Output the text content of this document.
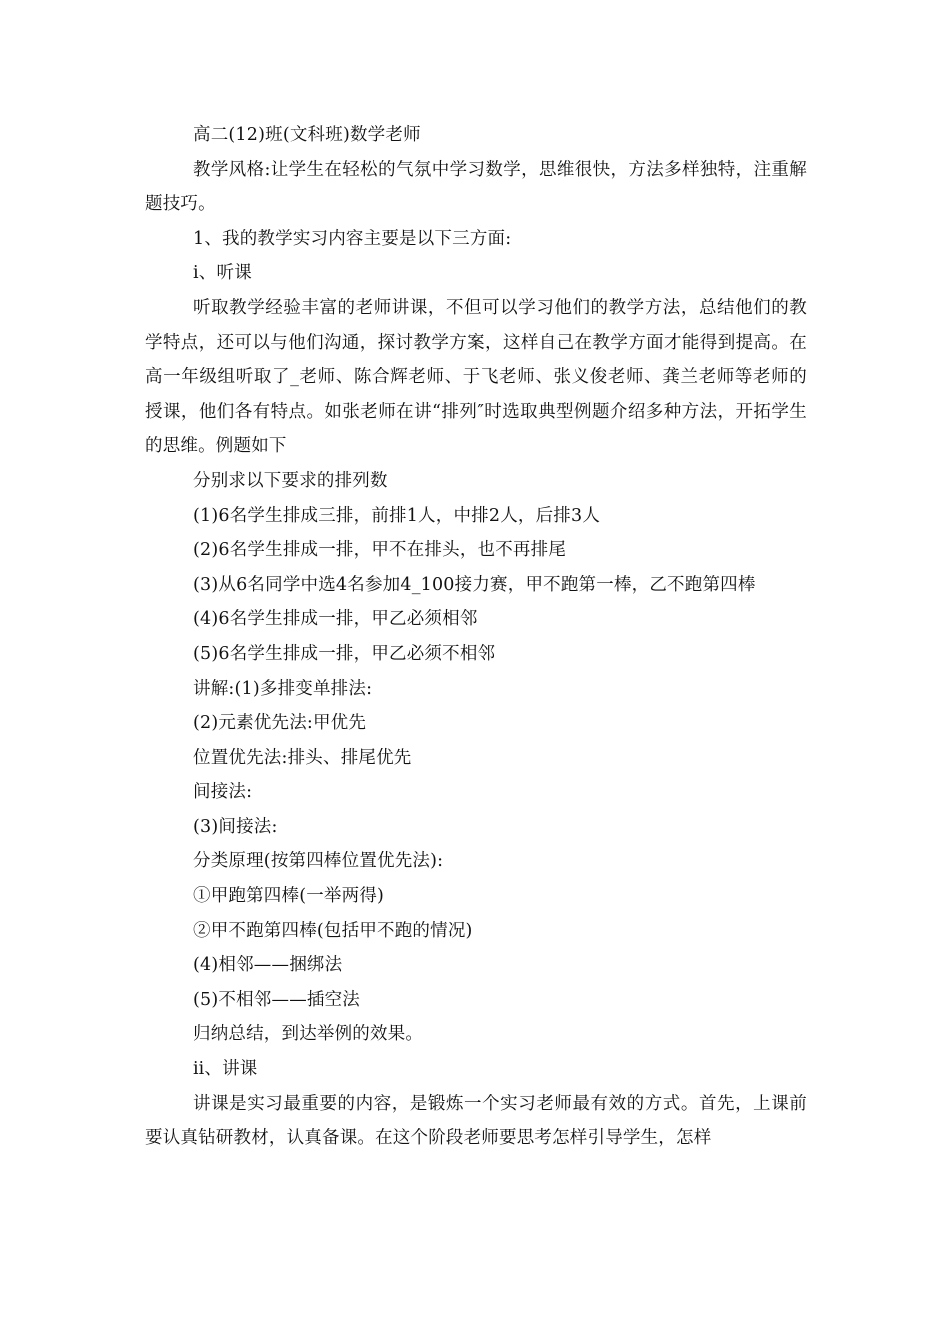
高二(12)班(文科班)数学老师

教学风格:让学生在轻松的气氛中学习数学，思维很快，方法多样独特，注重解题技巧。

1、我的教学实习内容主要是以下三方面:

ⅰ、听课

听取教学经验丰富的老师讲课，不但可以学习他们的教学方法，总结他们的教学特点，还可以与他们沟通，探讨教学方案，这样自己在教学方面才能得到提高。在高一年级组听取了_老师、陈合辉老师、于飞老师、张义俊老师、龚兰老师等老师的授课，他们各有特点。如张老师在讲“排列″时选取典型例题介绍多种方法，开拓学生的思维。例题如下

分别求以下要求的排列数

(1)6名学生排成三排，前排1人，中排2人，后排3人

(2)6名学生排成一排，甲不在排头，也不再排尾

(3)从6名同学中选4名参加4_100接力赛，甲不跑第一棒，乙不跑第四棒

(4)6名学生排成一排，甲乙必须相邻

(5)6名学生排成一排，甲乙必须不相邻

讲解:(1)多排变单排法:

(2)元素优先法:甲优先

位置优先法:排头、排尾优先

间接法:

(3)间接法:

分类原理(按第四棒位置优先法):

①甲跑第四棒(一举两得)

②甲不跑第四棒(包括甲不跑的情况)

(4)相邻——捆绑法

(5)不相邻——插空法

归纳总结，到达举例的效果。

ⅱ、讲课

讲课是实习最重要的内容，是锻炼一个实习老师最有效的方式。首先，上课前要认真钻研教材，认真备课。在这个阶段老师要思考怎样引导学生，怎样
